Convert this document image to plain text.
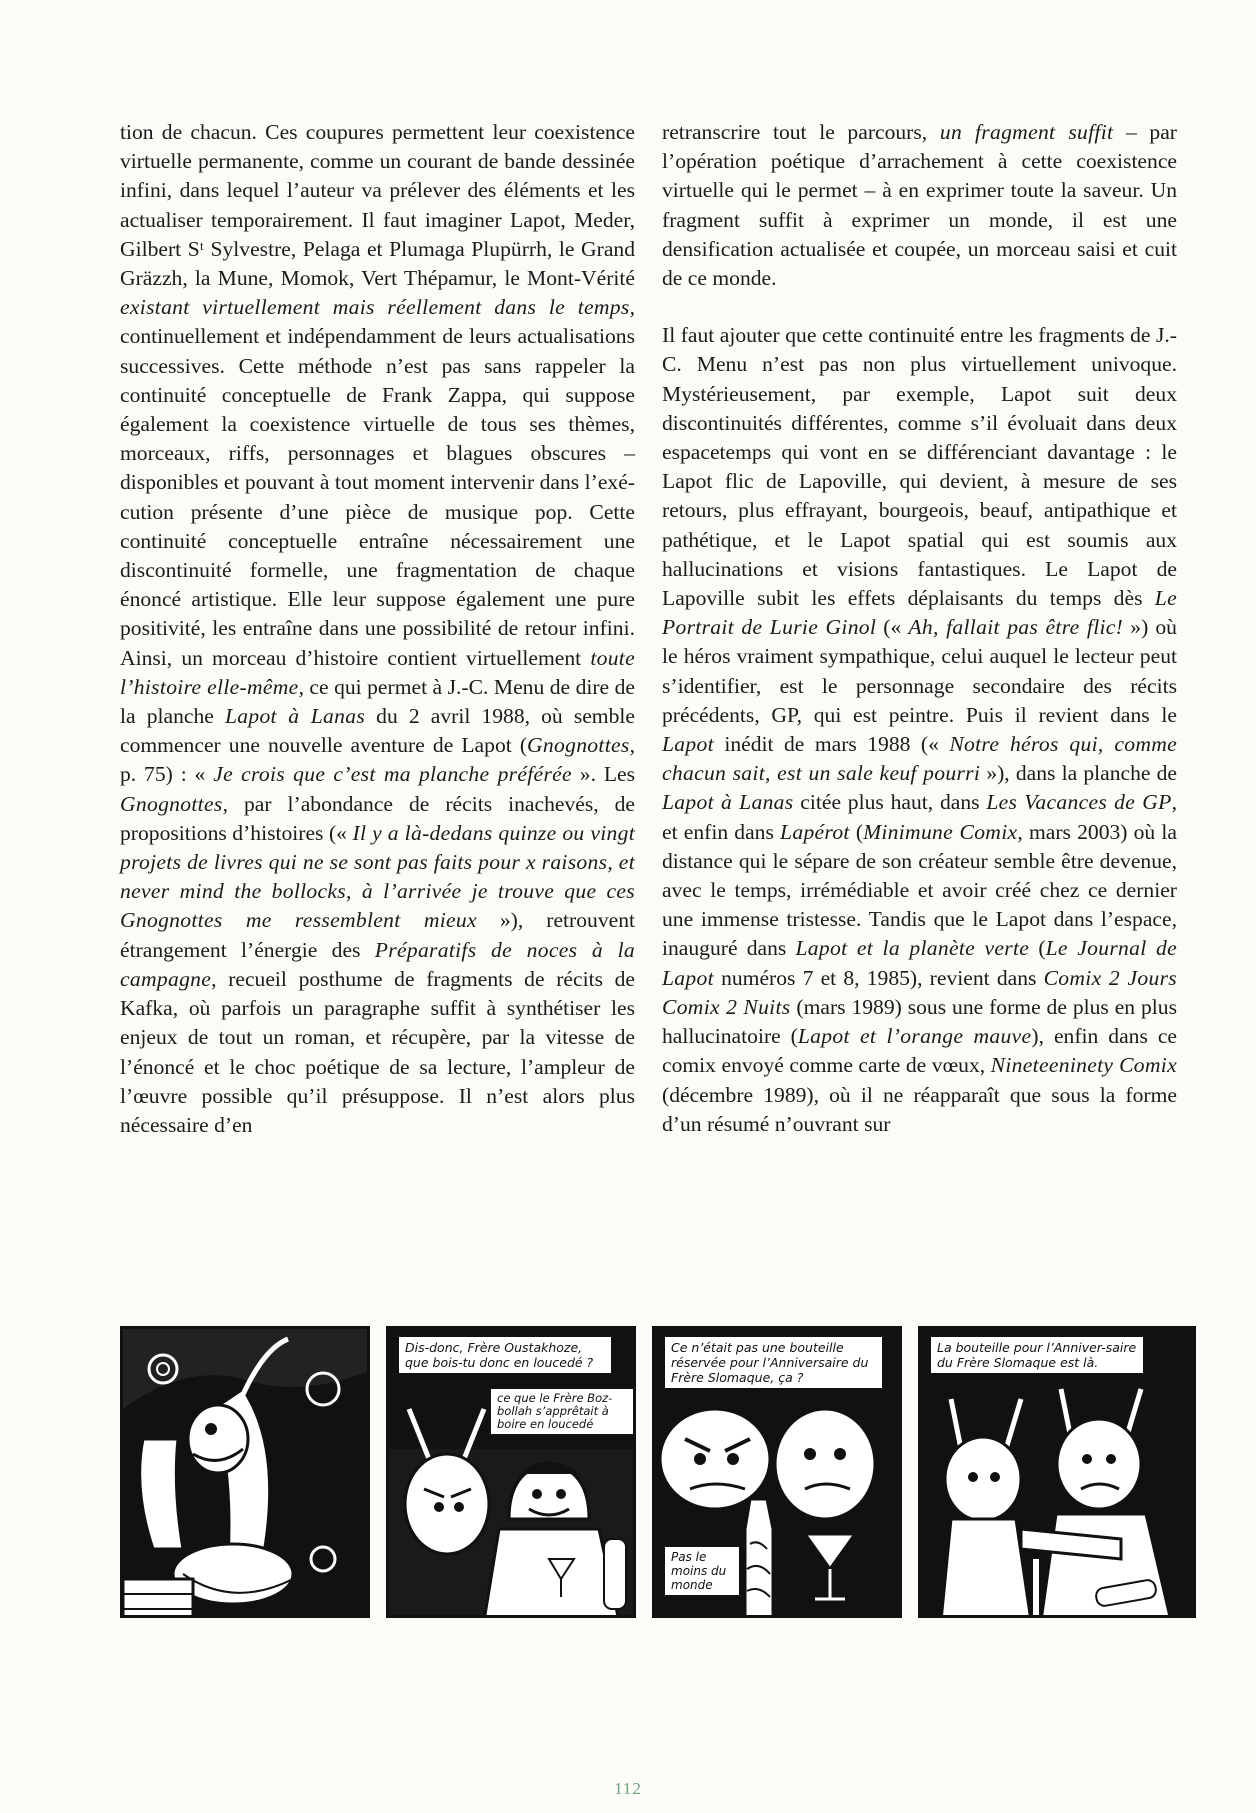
tion de chacun. Ces coupures permettent leur coexistence virtuelle permanente, comme un courant de bande dessinée infini, dans lequel l’auteur va prélever des éléments et les actualiser temporairement. Il faut imaginer Lapot, Meder, Gilbert Sᵗ Sylvestre, Pelaga et Plumaga Plupürrh, le Grand Gräzzh, la Mune, Momok, Vert Thépamur, le Mont-Vérité existant virtuellement mais réellement dans le temps, continuellement et indépendamment de leurs actualisations successives. Cette méthode n’est pas sans rappeler la continuité conceptuelle de Frank Zappa, qui suppose également la coexistence virtuelle de tous ses thèmes, morceaux, riffs, personnages et blagues obscures – disponibles et pouvant à tout moment intervenir dans l’exécution présente d’une pièce de musique pop. Cette continuité conceptuelle entraîne nécessairement une discontinuité formelle, une fragmentation de chaque énoncé artistique. Elle leur suppose également une pure positivité, les entraîne dans une possibilité de retour infini. Ainsi, un morceau d’histoire contient virtuellement toute l’histoire elle-même, ce qui permet à J.-C. Menu de dire de la planche Lapot à Lanas du 2 avril 1988, où semble commencer une nouvelle aventure de Lapot (Gnognottes, p. 75) : « Je crois que c’est ma planche préférée ». Les Gnognottes, par l’abondance de récits inachevés, de propositions d’histoires (« Il y a là-dedans quinze ou vingt projets de livres qui ne se sont pas faits pour x raisons, et never mind the bollocks, à l’arrivée je trouve que ces Gnognottes me ressemblent mieux »), retrouvent étrangement l’énergie des Préparatifs de noces à la campagne, recueil posthume de fragments de récits de Kafka, où parfois un paragraphe suffit à synthétiser les enjeux de tout un roman, et récupère, par la vitesse de l’énoncé et le choc poétique de sa lecture, l’ampleur de l’œuvre possible qu’il présuppose. Il n’est alors plus nécessaire d’en

retranscrire tout le parcours, un fragment suffit – par l’opération poétique d’arrachement à cette coexistence virtuelle qui le permet – à en exprimer toute la saveur. Un fragment suffit à exprimer un monde, il est une densification actualisée et coupée, un morceau saisi et cuit de ce monde.

Il faut ajouter que cette continuité entre les fragments de J.-C. Menu n’est pas non plus virtuellement univoque. Mystérieusement, par exemple, Lapot suit deux discontinuités différentes, comme s’il évoluait dans deux espacetemps qui vont en se différenciant davantage : le Lapot flic de Lapoville, qui devient, à mesure de ses retours, plus effrayant, bourgeois, beauf, antipathique et pathétique, et le Lapot spatial qui est soumis aux hallucinations et visions fantastiques. Le Lapot de Lapoville subit les effets déplaisants du temps dès Le Portrait de Lurie Ginol (« Ah, fallait pas être flic! ») où le héros vraiment sympathique, celui auquel le lecteur peut s’identifier, est le personnage secondaire des récits précédents, GP, qui est peintre. Puis il revient dans le Lapot inédit de mars 1988 (« Notre héros qui, comme chacun sait, est un sale keuf pourri »), dans la planche de Lapot à Lanas citée plus haut, dans Les Vacances de GP, et enfin dans Lapérot (Minimune Comix, mars 2003) où la distance qui le sépare de son créateur semble être devenue, avec le temps, irrémédiable et avoir créé chez ce dernier une immense tristesse. Tandis que le Lapot dans l’espace, inauguré dans Lapot et la planète verte (Le Journal de Lapot numéros 7 et 8, 1985), revient dans Comix 2 Jours Comix 2 Nuits (mars 1989) sous une forme de plus en plus hallucinatoire (Lapot et l’orange mauve), enfin dans ce comix envoyé comme carte de vœux, Nineteeninety Comix (décembre 1989), où il ne réapparaît que sous la forme d’un résumé n’ouvrant sur

Dis-donc, Frère Oustakhoze, que bois-tu donc en loucedé ?
ce que le Frère Boz-bollah s’apprêtait à boire en loucedé
Ce n’était pas une bouteille réservée pour l’Anniversaire du Frère Slomaque, ça ?
Pas le moins du monde
La bouteille pour l’Anniver-saire du Frère Slomaque est là.
112
